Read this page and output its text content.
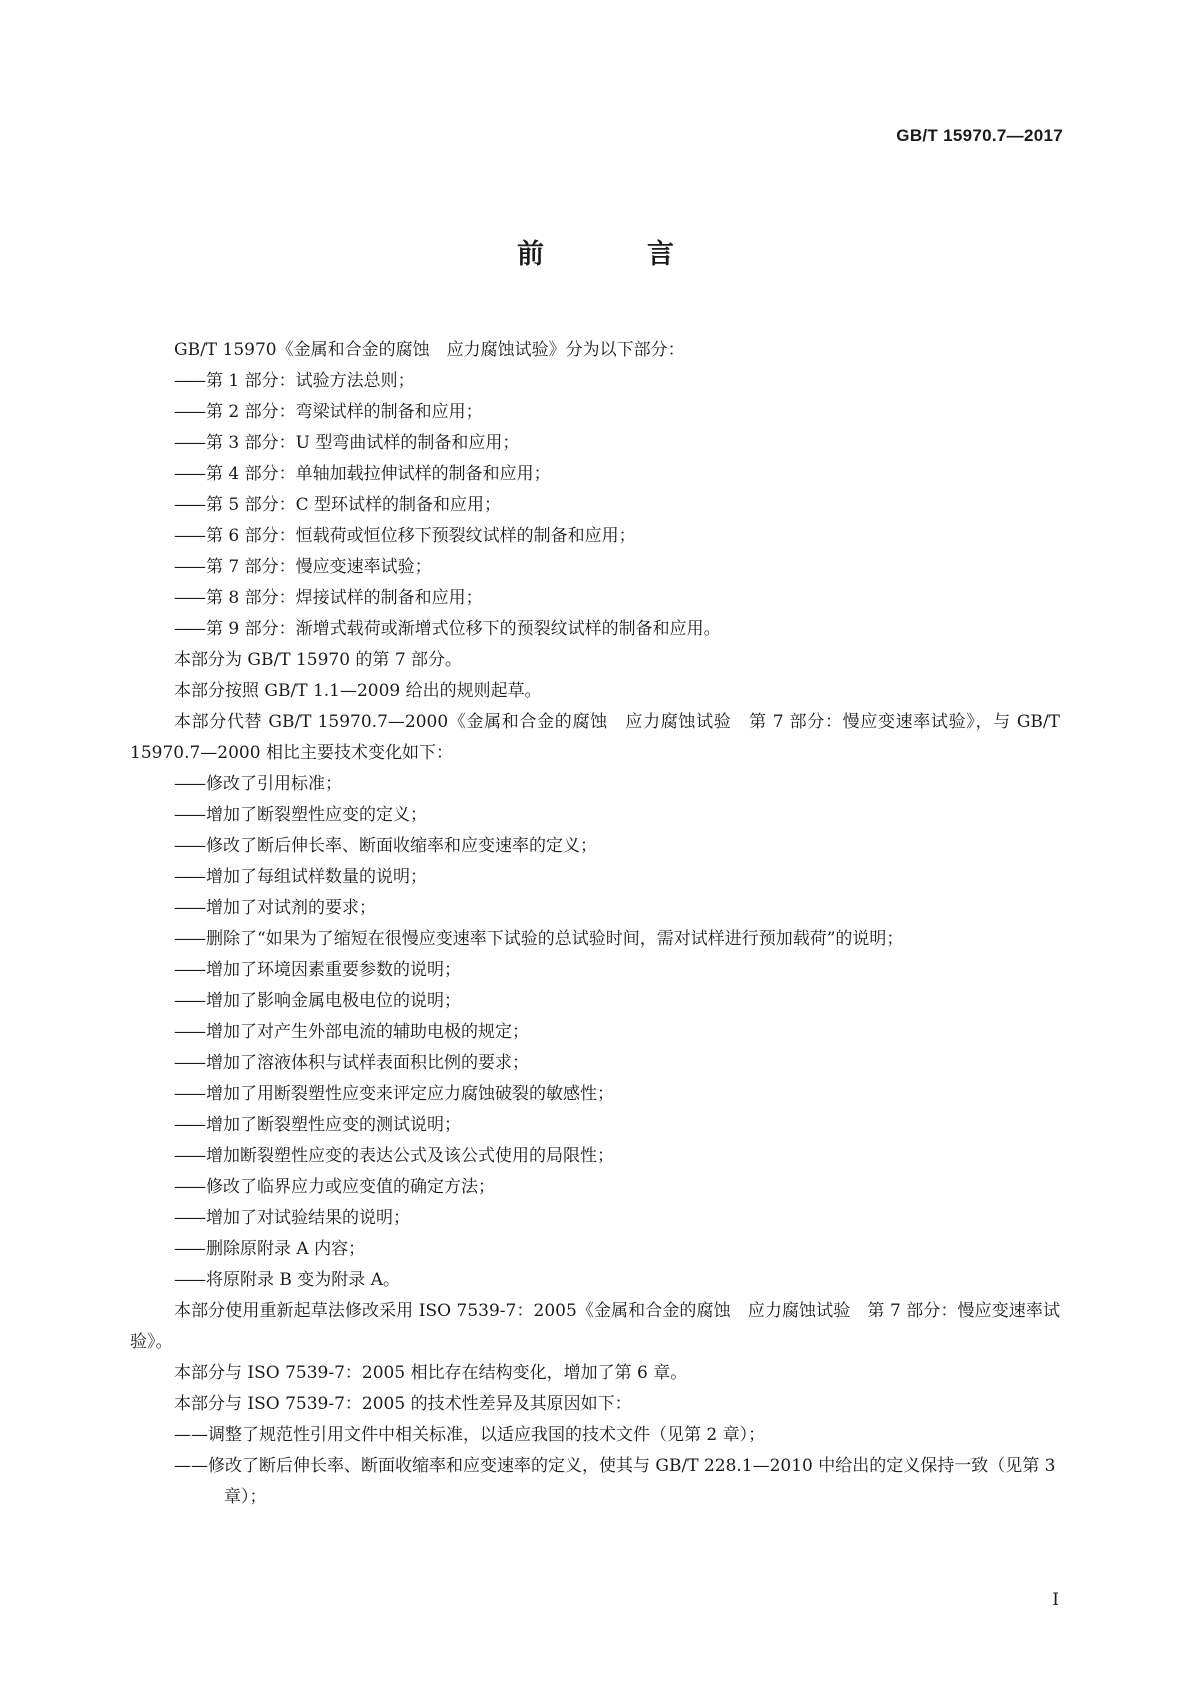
GB/T 15970.7—2017
前　言

GB/T 15970《金属和合金的腐蚀　应力腐蚀试验》分为以下部分：

—— 第 1 部分：试验方法总则；

—— 第 2 部分：弯梁试样的制备和应用；

—— 第 3 部分：U 型弯曲试样的制备和应用；

—— 第 4 部分：单轴加载拉伸试样的制备和应用；

—— 第 5 部分：C 型环试样的制备和应用；

—— 第 6 部分：恒载荷或恒位移下预裂纹试样的制备和应用；

—— 第 7 部分：慢应变速率试验；

—— 第 8 部分：焊接试样的制备和应用；

—— 第 9 部分：渐增式载荷或渐增式位移下的预裂纹试样的制备和应用。

本部分为 GB/T 15970 的第 7 部分。

本部分按照 GB/T 1.1—2009 给出的规则起草。

本部分代替 GB/T 15970.7—2000《金属和合金的腐蚀　应力腐蚀试验　第 7 部分：慢应变速率试验》，与 GB/T 15970.7—2000 相比主要技术变化如下：

—— 修改了引用标准；

—— 增加了断裂塑性应变的定义；

—— 修改了断后伸长率、断面收缩率和应变速率的定义；

—— 增加了每组试样数量的说明；

—— 增加了对试剂的要求；

—— 删除了“如果为了缩短在很慢应变速率下试验的总试验时间，需对试样进行预加载荷”的说明；

—— 增加了环境因素重要参数的说明；

—— 增加了影响金属电极电位的说明；

—— 增加了对产生外部电流的辅助电极的规定；

—— 增加了溶液体积与试样表面积比例的要求；

—— 增加了用断裂塑性应变来评定应力腐蚀破裂的敏感性；

—— 增加了断裂塑性应变的测试说明；

—— 增加断裂塑性应变的表达公式及该公式使用的局限性；

—— 修改了临界应力或应变值的确定方法；

—— 增加了对试验结果的说明；

—— 删除原附录 A 内容；

—— 将原附录 B 变为附录 A。

本部分使用重新起草法修改采用 ISO 7539-7：2005《金属和合金的腐蚀　应力腐蚀试验　第 7 部分：慢应变速率试验》。

本部分与 ISO 7539-7：2005 相比存在结构变化，增加了第 6 章。

本部分与 ISO 7539-7：2005 的技术性差异及其原因如下：

——调整了规范性引用文件中相关标准，以适应我国的技术文件（见第 2 章）；

——修改了断后伸长率、断面收缩率和应变速率的定义，使其与 GB/T 228.1—2010 中给出的定义保持一致（见第 3 章）；

I
